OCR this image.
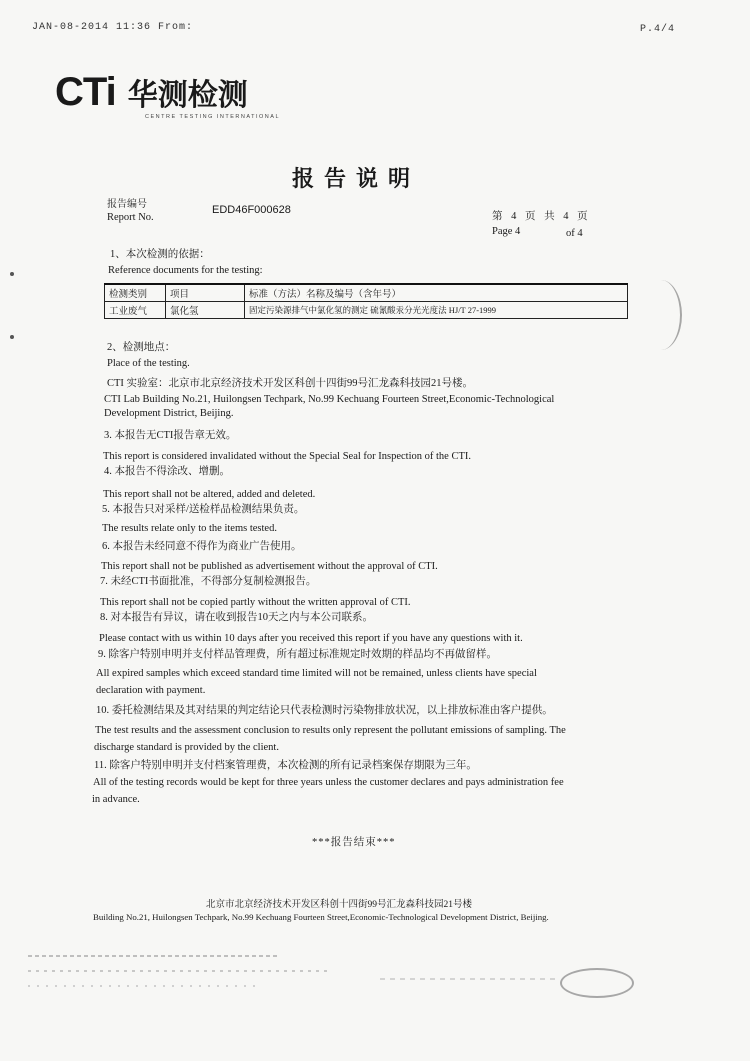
JAN-08-2014 11:36 From:	P.4/4
CTi 华测检测
CENTRE TESTING INTERNATIONAL
报告说明
报告编号
Report No.
EDD46F000628
第 4 页 共 4 页
Page 4	of 4
1、本次检测的依据：
Reference documents for the testing:
检测类别	项目	标准（方法）名称及编号（含年号）
工业废气	氯化氢	固定污染源排气中氯化氢的测定 硫氰酸汞分光光度法 HJ/T 27-1999
2、检测地点：
Place of the testing.
CTI 实验室：北京市北京经济技术开发区科创十四街99号汇龙森科技园21号楼。
CTI Lab Building No.21, Huilongsen Techpark, No.99 Kechuang Fourteen Street,Economic-Technological
Development District, Beijing.
3. 本报告无CTI报告章无效。
This report is considered invalidated without the Special Seal for Inspection of the CTI.
4. 本报告不得涂改、增删。
This report shall not be altered, added and deleted.
5. 本报告只对采样/送检样品检测结果负责。
The results relate only to the items tested.
6. 本报告未经同意不得作为商业广告使用。
This report shall not be published as advertisement without the approval of CTI.
7. 未经CTI书面批准，不得部分复制检测报告。
This report shall not be copied partly without the written approval of CTI.
8. 对本报告有异议，请在收到报告10天之内与本公司联系。
Please contact with us within 10 days after you received this report if you have any questions with it.
9. 除客户特别申明并支付样品管理费，所有超过标准规定时效期的样品均不再做留样。
All expired samples which exceed standard time limited will not be remained, unless clients have special
declaration with payment.
10. 委托检测结果及其对结果的判定结论只代表检测时污染物排放状况，以上排放标准由客户提供。
The test results and the assessment conclusion to results only represent the pollutant emissions of sampling. The
discharge standard is provided by the client.
11. 除客户特别申明并支付档案管理费，本次检测的所有记录档案保存期限为三年。
All of the testing records would be kept for three years unless the customer declares and pays administration fee
in advance.
***报告结束***
北京市北京经济技术开发区科创十四街99号汇龙森科技园21号楼
Building No.21, Huilongsen Techpark, No.99 Kechuang Fourteen Street,Economic-Technological Development District, Beijing.
